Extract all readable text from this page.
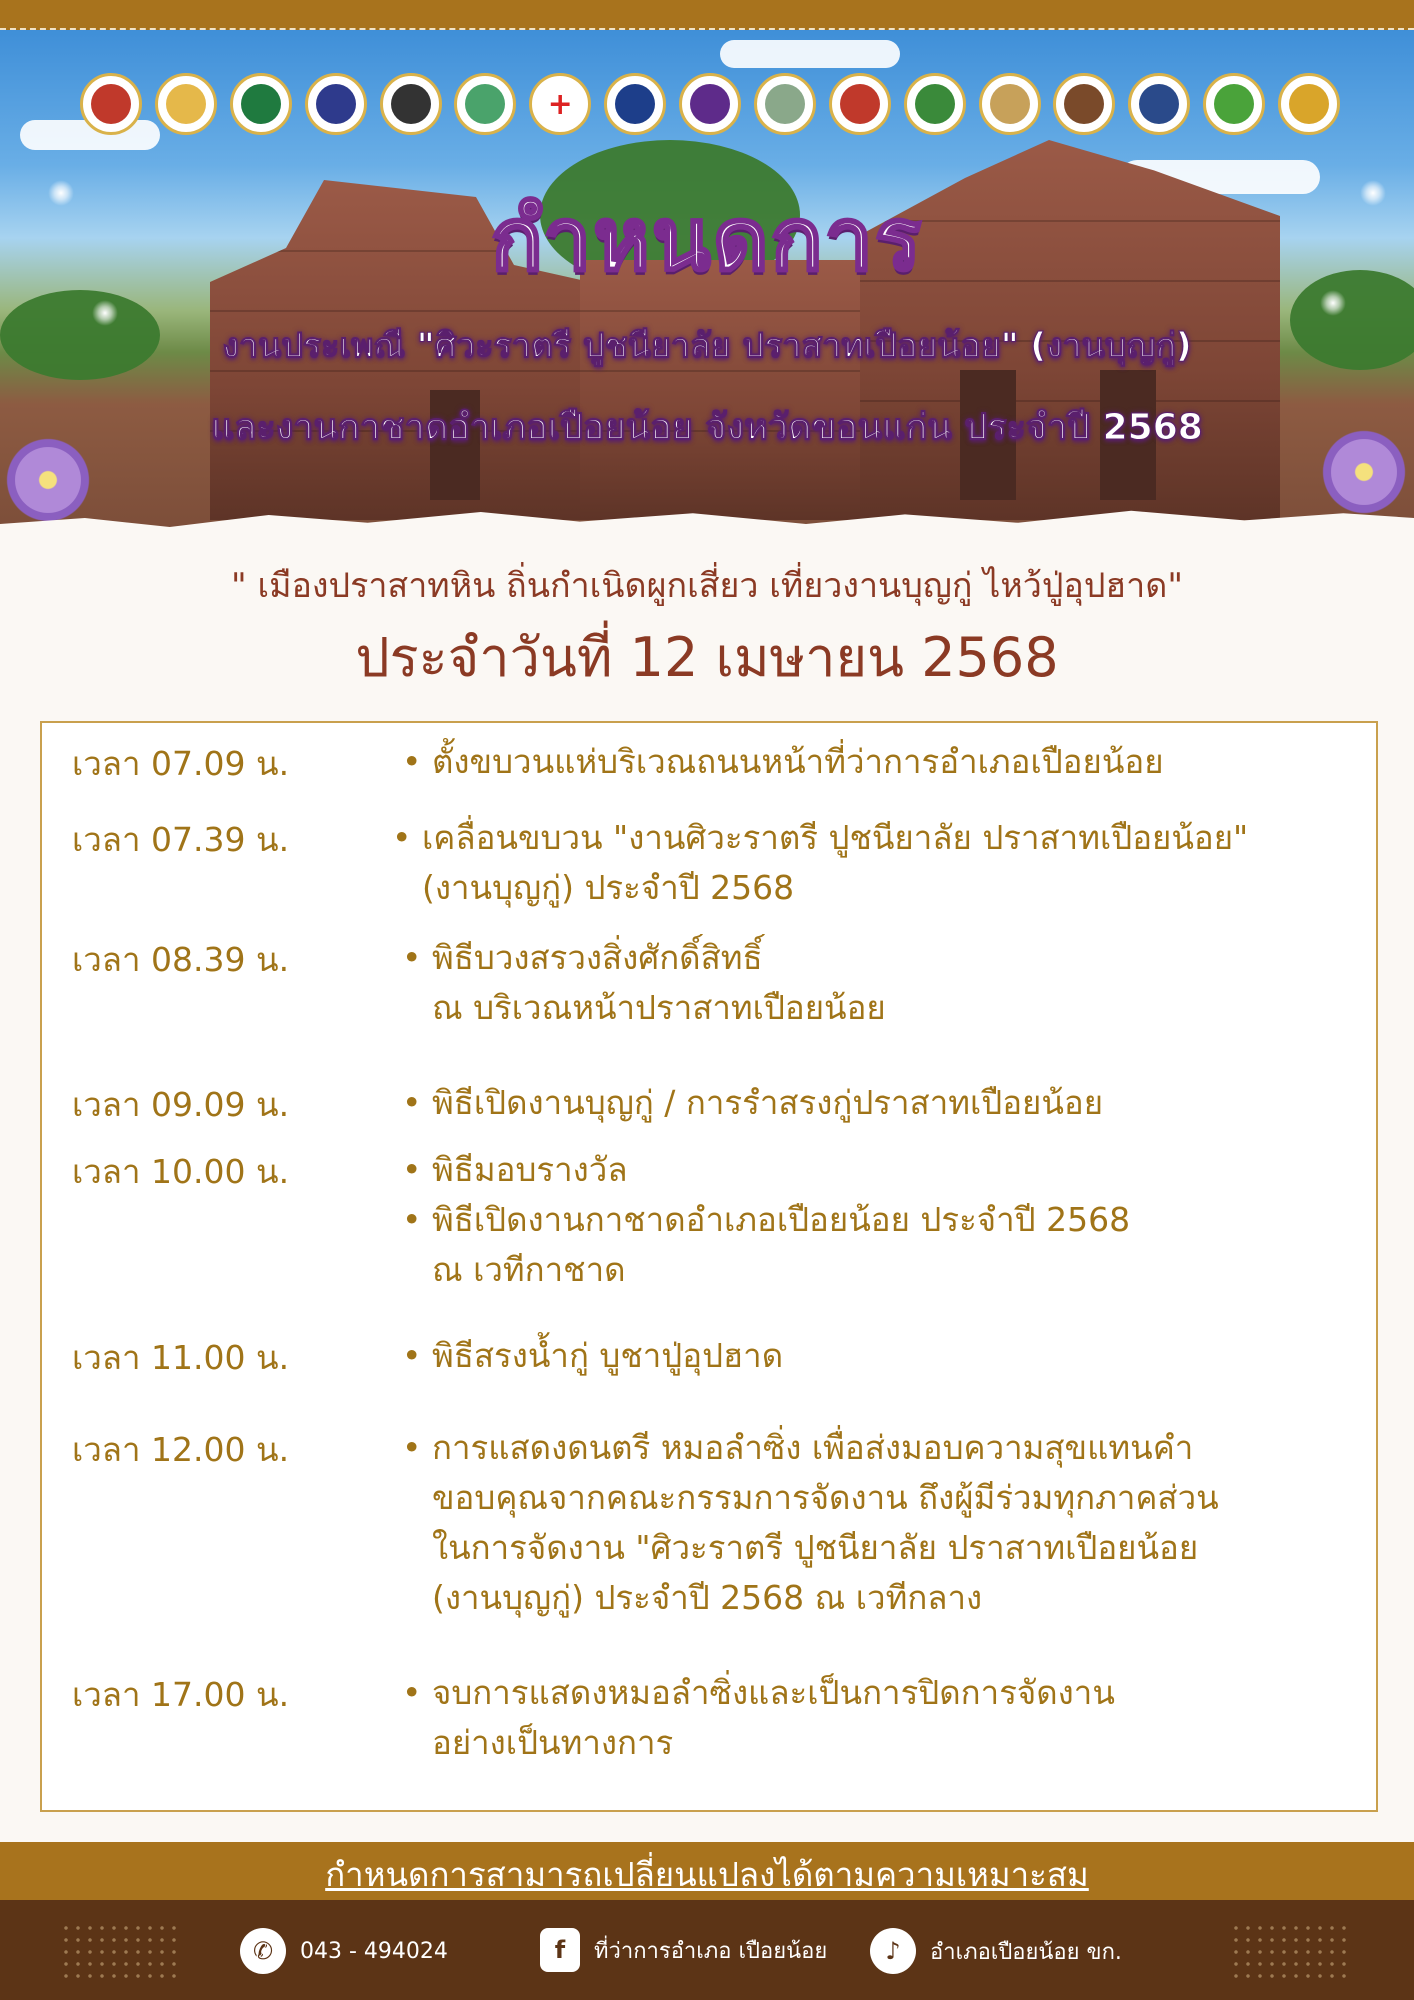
+
กำหนดการ
งานประเพณี "ศิวะราตรี ปูชนียาลัย ปราสาทเปือยน้อย" (งานบุญกู่)
และงานกาชาดอำเภอเปือยน้อย จังหวัดขอนแก่น ประจำปี 2568
" เมืองปราสาทหิน ถิ่นกำเนิดผูกเสี่ยว เที่ยวงานบุญกู่ ไหว้ปู่อุปฮาด"
ประจำวันที่ 12 เมษายน 2568
เวลา 07.09 น.	• ตั้งขบวนแห่บริเวณถนนหน้าที่ว่าการอำเภอเปือยน้อย
เวลา 07.39 น.	• เคลื่อนขบวน "งานศิวะราตรี ปูชนียาลัย ปราสาทเปือยน้อย"
(งานบุญกู่) ประจำปี 2568
เวลา 08.39 น.	• พิธีบวงสรวงสิ่งศักดิ์สิทธิ์
ณ บริเวณหน้าปราสาทเปือยน้อย
เวลา 09.09 น.	• พิธีเปิดงานบุญกู่ / การรำสรงกู่ปราสาทเปือยน้อย
เวลา 10.00 น.	• พิธีมอบรางวัล
• พิธีเปิดงานกาชาดอำเภอเปือยน้อย ประจำปี 2568
ณ เวทีกาชาด
เวลา 11.00 น.	• พิธีสรงน้ำกู่ บูชาปู่อุปฮาด
เวลา 12.00 น.	• การแสดงดนตรี หมอลำซิ่ง เพื่อส่งมอบความสุขแทนคำ
ขอบคุณจากคณะกรรมการจัดงาน ถึงผู้มีร่วมทุกภาคส่วน
ในการจัดงาน "ศิวะราตรี ปูชนียาลัย ปราสาทเปือยน้อย
(งานบุญกู่) ประจำปี 2568 ณ เวทีกลาง
เวลา 17.00 น.	• จบการแสดงหมอลำซิ่งและเป็นการปิดการจัดงาน
อย่างเป็นทางการ
กำหนดการสามารถเปลี่ยนแปลงได้ตามความเหมาะสม
✆	043 - 494024	f	ที่ว่าการอำเภอ เปือยน้อย	♪	อำเภอเปือยน้อย ขก.
